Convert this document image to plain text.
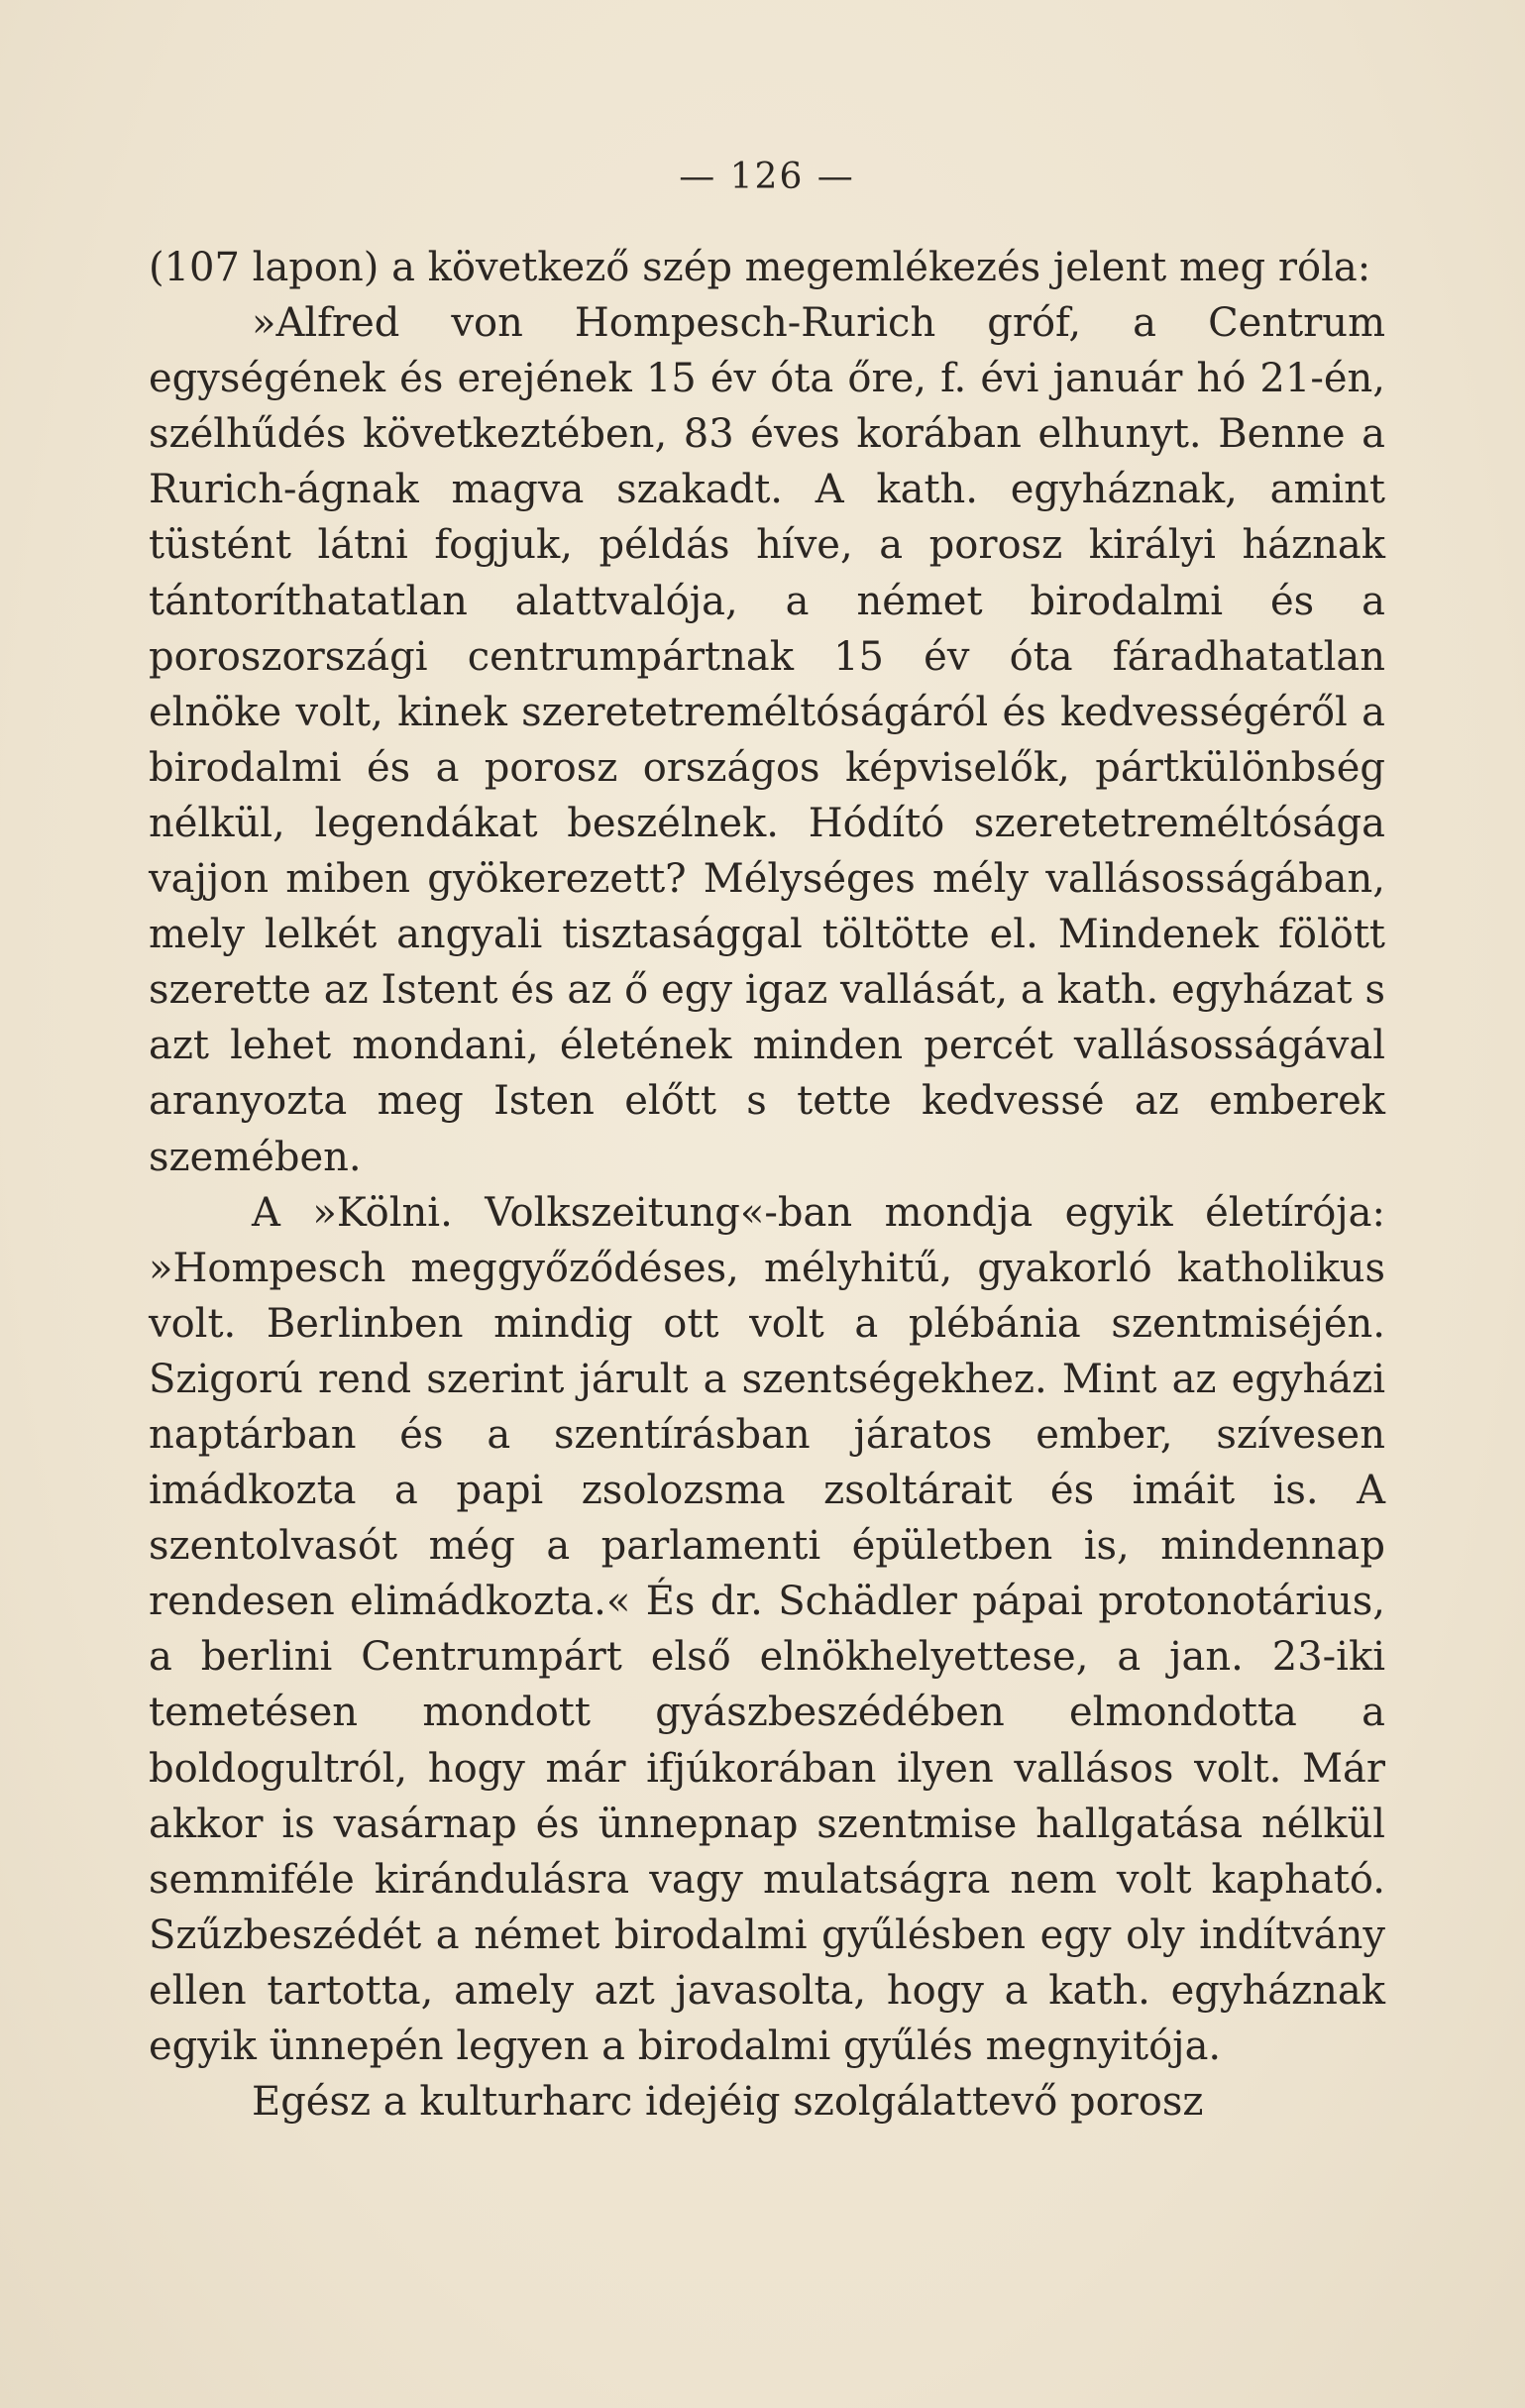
— 126 —

(107 lapon) a következő szép megemlékezés jelent meg róla:

»Alfred von Hompesch-Rurich gróf, a Centrum egységének és erejének 15 év óta őre, f. évi január hó 21-én, szélhűdés következtében, 83 éves korában elhunyt. Benne a Rurich-ágnak magva szakadt. A kath. egyháznak, amint tüstént látni fogjuk, példás híve, a porosz királyi háznak tántoríthatatlan alattvalója, a német birodalmi és a poroszországi centrumpártnak 15 év óta fáradhatatlan elnöke volt, kinek szeretetreméltóságáról és kedvességéről a birodalmi és a porosz országos képviselők, pártkülönbség nélkül, legendákat beszélnek. Hódító szeretetreméltósága vajjon miben gyökerezett? Mélységes mély vallásosságában, mely lelkét angyali tisztasággal töltötte el. Mindenek fölött szerette az Istent és az ő egy igaz vallását, a kath. egyházat s azt lehet mondani, életének minden percét vallásosságával aranyozta meg Isten előtt s tette kedvessé az emberek szemében.

A »Kölni. Volkszeitung«-ban mondja egyik életírója: »Hompesch meggyőződéses, mélyhitű, gyakorló katholikus volt. Berlinben mindig ott volt a plébánia szentmiséjén. Szigorú rend szerint járult a szentségekhez. Mint az egyházi naptárban és a szentírásban járatos ember, szívesen imádkozta a papi zsolozsma zsoltárait és imáit is. A szentolvasót még a parlamenti épületben is, mindennap rendesen elimádkozta.« És dr. Schädler pápai protonotárius, a berlini Centrumpárt első elnökhelyettese, a jan. 23-iki temetésen mondott gyászbeszédében elmondotta a boldogultról, hogy már ifjúkorában ilyen vallásos volt. Már akkor is vasárnap és ünnepnap szentmise hallgatása nélkül semmiféle kirándulásra vagy mulatságra nem volt kapható. Szűzbeszédét a német birodalmi gyűlésben egy oly indítvány ellen tartotta, amely azt javasolta, hogy a kath. egyháznak egyik ünnepén legyen a birodalmi gyűlés megnyitója.

Egész a kulturharc idejéig szolgálattevő porosz
